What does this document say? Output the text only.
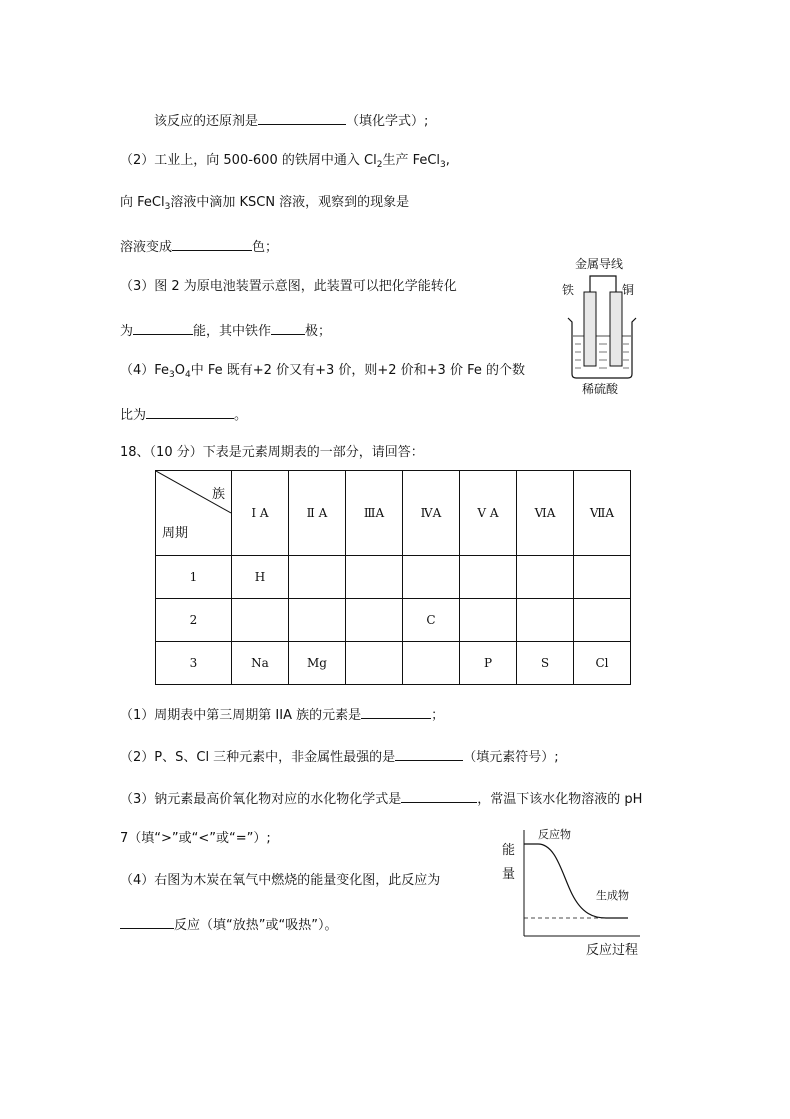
该反应的还原剂是	（填化学式）;
（2）工业上，向 500-600 的铁屑中通入 $Cl_2$生产 FeCl$_3$,
向 FeCl$_3$溶液中滴加 KSCN 溶液，观察到的现象是
溶液变成	色；
（3）图 2 为原电池装置示意图，此装置可以把化学能转化
为	能，其中铁作	极；
$(4)Fe_3O_4$中 Fe 既有+2 价又有+3 价，则+2 价和+3 价 Fe 的个数
比为	。
金属导线
铁	铜
稀硫酸
18、（10 分）下表是元素周期表的一部分，请回答：
族
周期	Ⅰ A	Ⅱ A	ⅢA	ⅣA	Ⅴ A	ⅥA	ⅦA
1	H						
2				C			
3	Na	Mg			P	S	Cl
（1）周期表中第三周期第 IIA 族的元素是	；
（2）P、S、Cl 三种元素中，非金属性最强的是	（填元素符号）;
（3）钠元素最高价氧化物对应的水化物化学式是	，常温下该水化物溶液的 pH
7（填“>”或“<”或“=”）;
（4）右图为木炭在氧气中燃烧的能量变化图，此反应为
反应（填“放热”或“吸热”）。
能
量
反应物
生成物
反应过程
